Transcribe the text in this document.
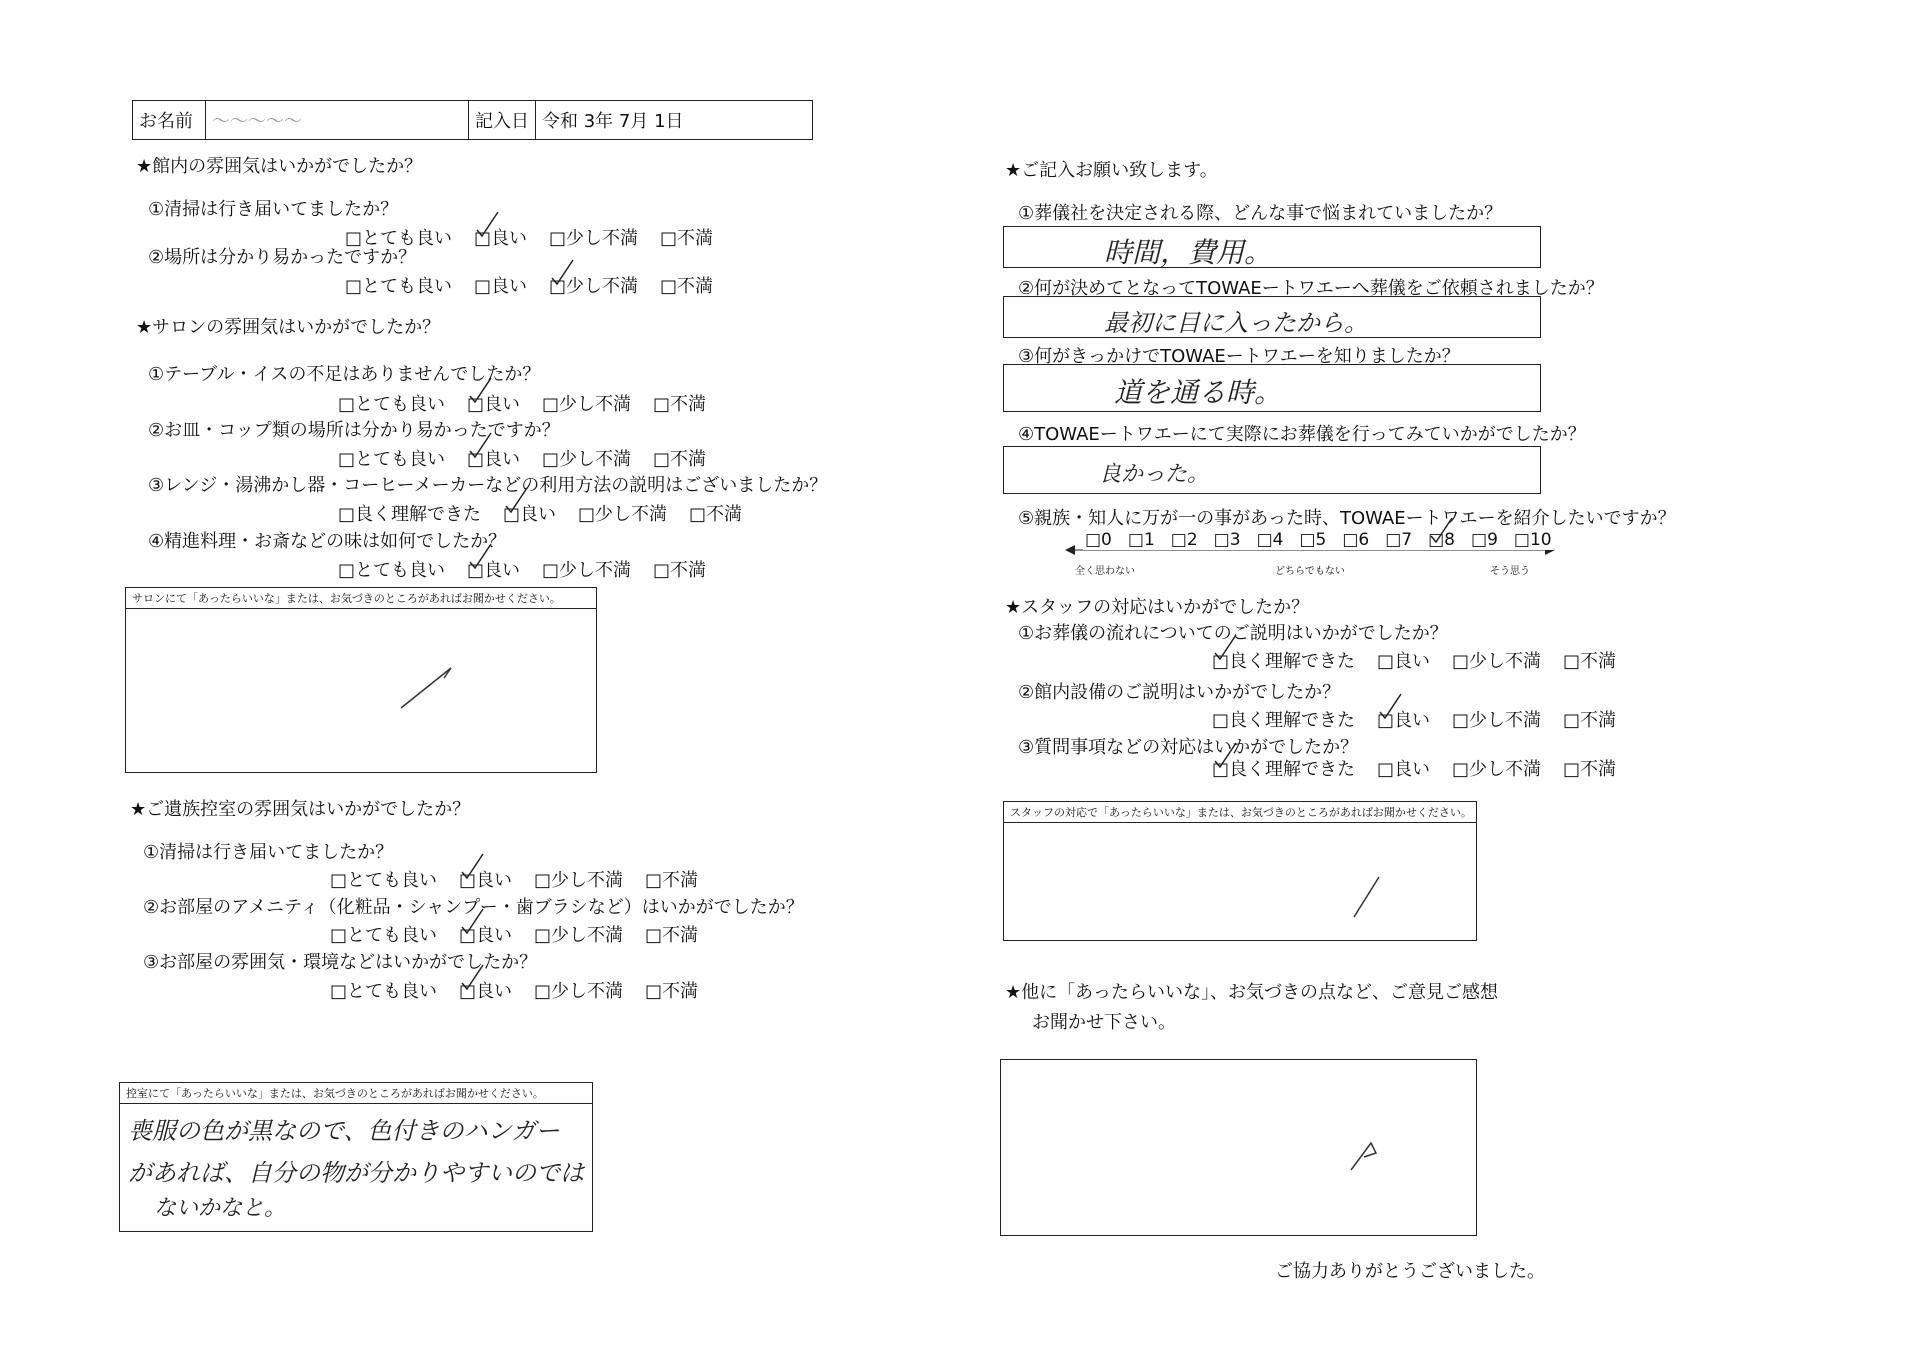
お名前	〜〜〜〜〜	記入日	令和 3年 7月 1日
★館内の雰囲気はいかがでしたか？
①清掃は行き届いてましたか？
□とても良い □良い □少し不満 □不満
②場所は分かり易かったですか？
□とても良い □良い □少し不満 □不満
★サロンの雰囲気はいかがでしたか？
①テーブル・イスの不足はありませんでしたか？
□とても良い □良い □少し不満 □不満
②お皿・コップ類の場所は分かり易かったですか？
□とても良い □良い □少し不満 □不満
③レンジ・湯沸かし器・コーヒーメーカーなどの利用方法の説明はございましたか？
□良く理解できた □良い □少し不満 □不満
④精進料理・お斎などの味は如何でしたか？
□とても良い □良い □少し不満 □不満
サロンにて「あったらいいな」または、お気づきのところがあればお聞かせください。
★ご遺族控室の雰囲気はいかがでしたか？
①清掃は行き届いてましたか？
□とても良い □良い □少し不満 □不満
②お部屋のアメニティ（化粧品・シャンプー・歯ブラシなど）はいかがでしたか？
□とても良い □良い □少し不満 □不満
③お部屋の雰囲気・環境などはいかがでしたか？
□とても良い □良い □少し不満 □不満
控室にて「あったらいいな」または、お気づきのところがあればお聞かせください。
喪服の色が黒なので、色付きのハンガー
があれば、自分の物が分かりやすいのでは
ないかなと。
★ご記入お願い致します。
①葬儀社を決定される際、どんな事で悩まれていましたか？
時間，費用。
②何が決めてとなってTOWAEートワエーへ葬儀をご依頼されましたか？
最初に目に入ったから。
③何がきっかけでTOWAEートワエーを知りましたか？
道を通る時。
④TOWAEートワエーにて実際にお葬儀を行ってみていかがでしたか？
良かった。
⑤親族・知人に万が一の事があった時、TOWAEートワエーを紹介したいですか？
□0 □1 □2 □3 □4 □5 □6 □7 □8 □9 □10
全く思わない	どちらでもない	そう思う
★スタッフの対応はいかがでしたか？
①お葬儀の流れについてのご説明はいかがでしたか？
□良く理解できた □良い □少し不満 □不満
②館内設備のご説明はいかがでしたか？
□良く理解できた □良い □少し不満 □不満
③質問事項などの対応はいかがでしたか？
□良く理解できた □良い □少し不満 □不満
スタッフの対応で「あったらいいな」または、お気づきのところがあればお聞かせください。
★他に「あったらいいな」、お気づきの点など、ご意見ご感想
お聞かせ下さい。
ご協力ありがとうございました。
